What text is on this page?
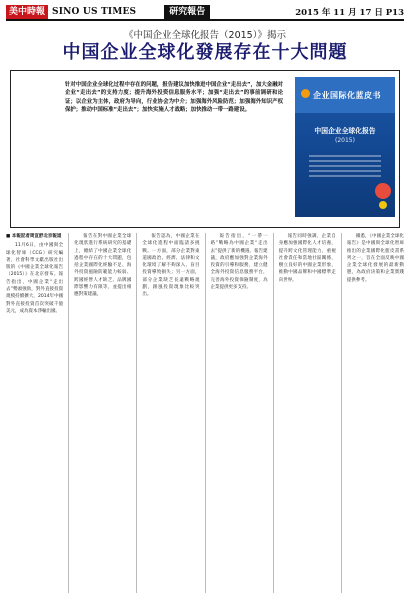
美中時報 SINO US TIMES	研究報告	2015 年 11 月 17 日 P13
《中国企业全球化报告（2015）》揭示
中国企业全球化發展存在十大問題
针对中国企业全球化过程中存在的问题，报告建议加快推进中国企业“走出去”，加大金融对企业“走出去”的支持力度；提升海外投资信息服务水平；加强“走出去”的事前调研和论证；以企业为主体，政府为导向，行业协会为中介；加强海外风险防范；加强海外知识产权保护；推动中国标准“走出去”；加快实施人才战略；加快推动一带一路建设。
企业国际化蓝皮书
中国企业全球化报告
(2015)
■ 本報記者周宣舒北京報道

11月6日，由中國與全球化智庫（CCG）研究編著，社會科學文獻出版社出版的《中國企業全球化報告（2015）》在北京發布。報告指出，中國企業“走出去”勢頭強勁，對外直接投資規模持續擴大，2014年中國對外直接投資首次突破千億美元，成為資本淨輸出國。

報告在對中國企業全球化現狀進行系統研究的基礎上，總結了中國企業全球化過程中存在的十大問題，包括企業國際化經驗不足、海外投資風險防範能力較弱、跨國經營人才缺乏、品牌國際影響力有限等，並提出相應對策建議。

報告認為，中國企業在全球化進程中面臨諸多挑戰。一方面，部分企業對東道國政治、經濟、法律和文化環境了解不夠深入，盲目投資導致損失；另一方面，部分企業缺乏長遠戰略規劃，跟風投資現象比較突出。

報告指出，“一帶一路”戰略為中國企業“走出去”提供了新的機遇。報告建議，政府應加強對企業海外投資的引導和服務，建立健全海外投資信息服務平台，完善海外投資保險制度，為企業提供更多支持。

報告同時強調，企業自身應加強國際化人才培養，提升跨文化管理能力，重視社會責任和當地社區關係，樹立良好的中國企業形象，推動中國品牌和中國標準走向世界。

據悉，《中國企業全球化報告》是中國與全球化智庫推出的企業國際化藍皮書系列之一，旨在全面反映中國企業全球化發展的最新動態，為政府決策和企業實踐提供參考。
